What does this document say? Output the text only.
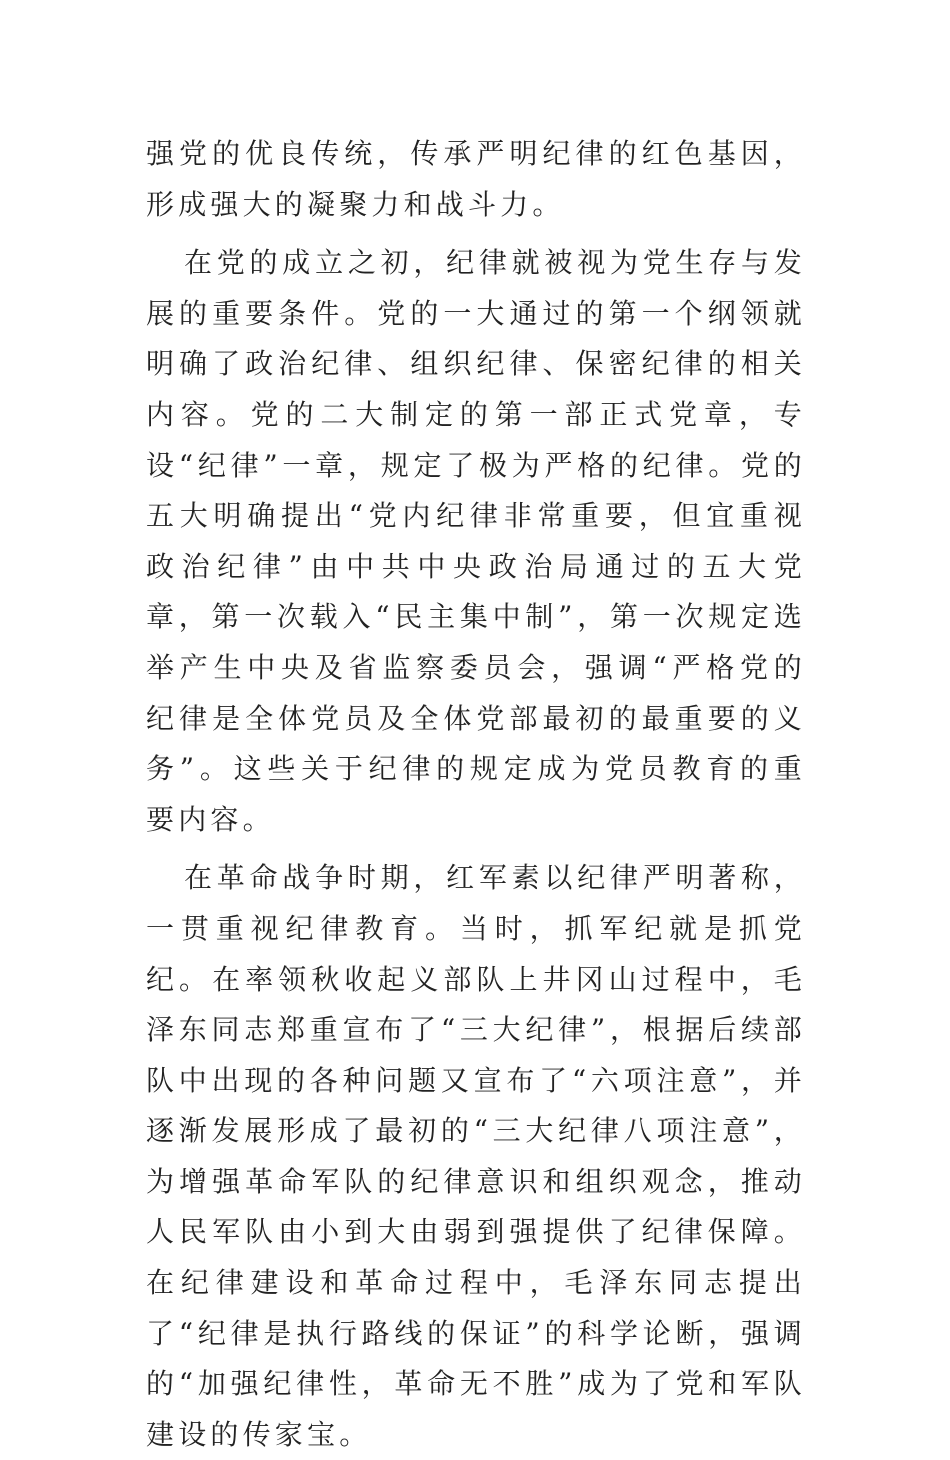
强党的优良传统，传承严明纪律的红色基因，形成强大的凝聚力和战斗力。

在党的成立之初，纪律就被视为党生存与发展的重要条件。党的一大通过的第一个纲领就明确了政治纪律、组织纪律、保密纪律的相关内容。党的二大制定的第一部正式党章，专设“纪律”一章，规定了极为严格的纪律。党的五大明确提出“党内纪律非常重要，但宜重视政治纪律”由中共中央政治局通过的五大党章，第一次载入“民主集中制”，第一次规定选举产生中央及省监察委员会，强调“严格党的纪律是全体党员及全体党部最初的最重要的义务”。这些关于纪律的规定成为党员教育的重要内容。

在革命战争时期，红军素以纪律严明著称，一贯重视纪律教育。当时，抓军纪就是抓党纪。在率领秋收起义部队上井冈山过程中，毛泽东同志郑重宣布了“三大纪律”，根据后续部队中出现的各种问题又宣布了“六项注意”，并逐渐发展形成了最初的“三大纪律八项注意”，为增强革命军队的纪律意识和组织观念，推动人民军队由小到大由弱到强提供了纪律保障。在纪律建设和革命过程中，毛泽东同志提出了“纪律是执行路线的保证”的科学论断，强调的“加强纪律性，革命无不胜”成为了党和军队建设的传家宝。
